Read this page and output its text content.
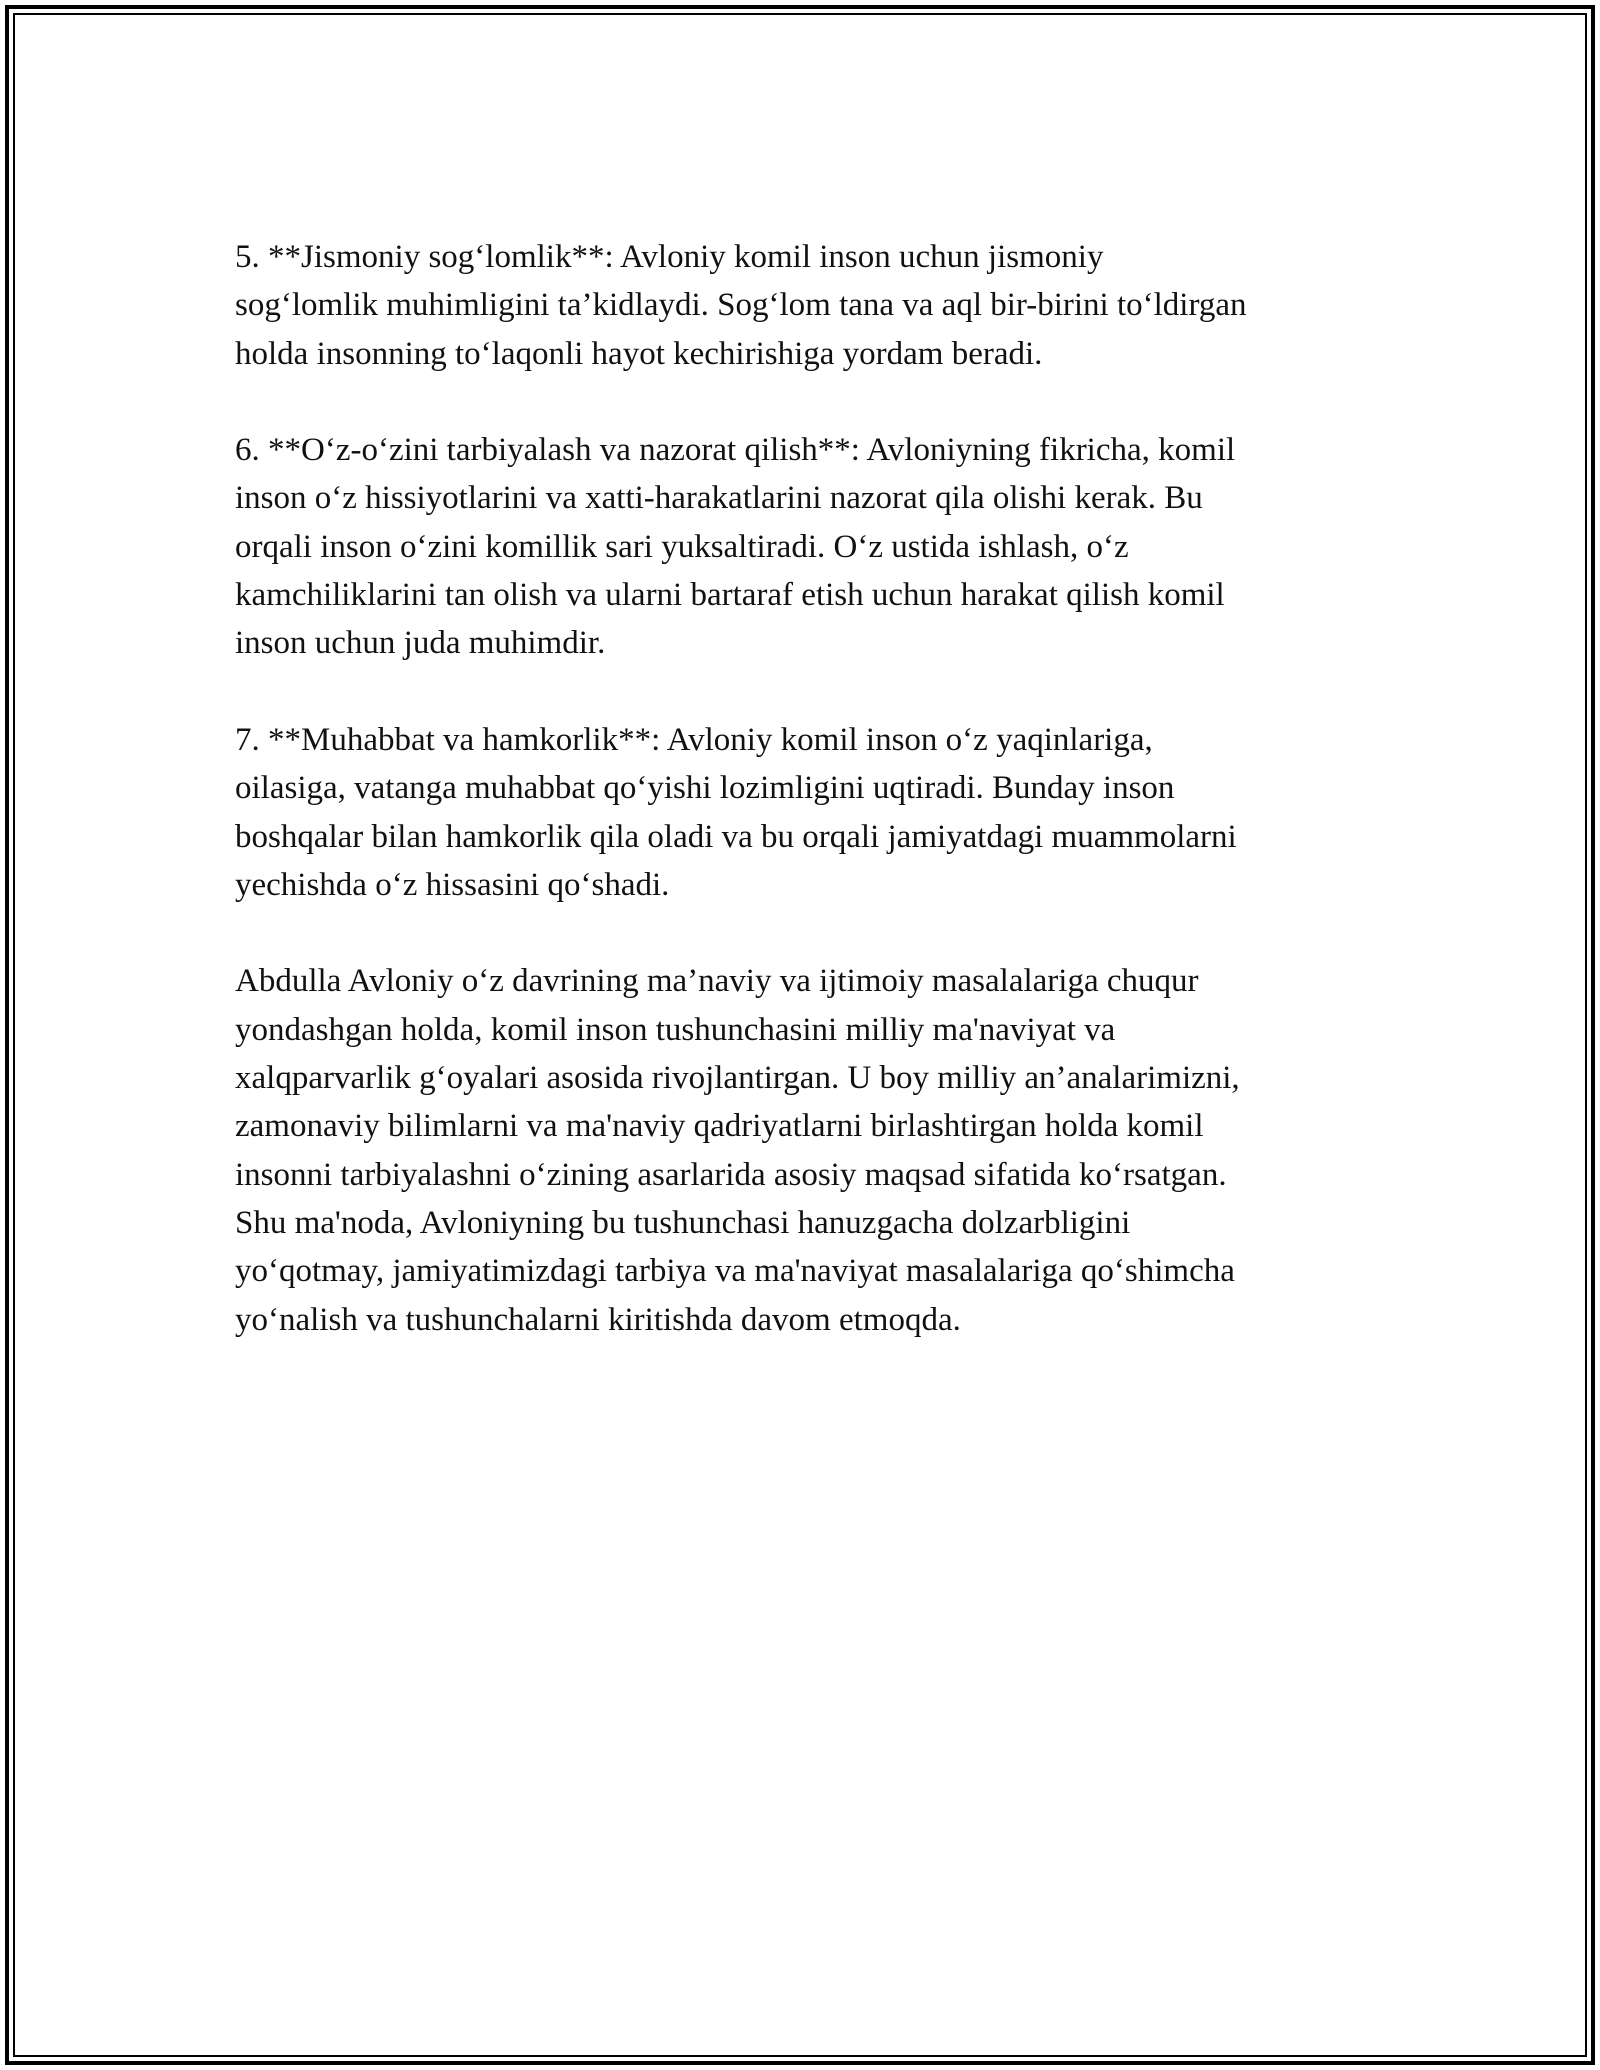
5. **Jismoniy sog‘lomlik**: Avloniy komil inson uchun jismoniy
sog‘lomlik muhimligini ta’kidlaydi. Sog‘lom tana va aql bir-birini to‘ldirgan
holda insonning to‘laqonli hayot kechirishiga yordam beradi.

6. **O‘z-o‘zini tarbiyalash va nazorat qilish**: Avloniyning fikricha, komil
inson o‘z hissiyotlarini va xatti-harakatlarini nazorat qila olishi kerak. Bu
orqali inson o‘zini komillik sari yuksaltiradi. O‘z ustida ishlash, o‘z
kamchiliklarini tan olish va ularni bartaraf etish uchun harakat qilish komil
inson uchun juda muhimdir.

7. **Muhabbat va hamkorlik**: Avloniy komil inson o‘z yaqinlariga,
oilasiga, vatanga muhabbat qo‘yishi lozimligini uqtiradi. Bunday inson
boshqalar bilan hamkorlik qila oladi va bu orqali jamiyatdagi muammolarni
yechishda o‘z hissasini qo‘shadi.

Abdulla Avloniy o‘z davrining ma’naviy va ijtimoiy masalalariga chuqur
yondashgan holda, komil inson tushunchasini milliy ma'naviyat va
xalqparvarlik g‘oyalari asosida rivojlantirgan. U boy milliy an’analarimizni,
zamonaviy bilimlarni va ma'naviy qadriyatlarni birlashtirgan holda komil
insonni tarbiyalashni o‘zining asarlarida asosiy maqsad sifatida ko‘rsatgan.
Shu ma'noda, Avloniyning bu tushunchasi hanuzgacha dolzarbligini
yo‘qotmay, jamiyatimizdagi tarbiya va ma'naviyat masalalariga qo‘shimcha
yo‘nalish va tushunchalarni kiritishda davom etmoqda.
